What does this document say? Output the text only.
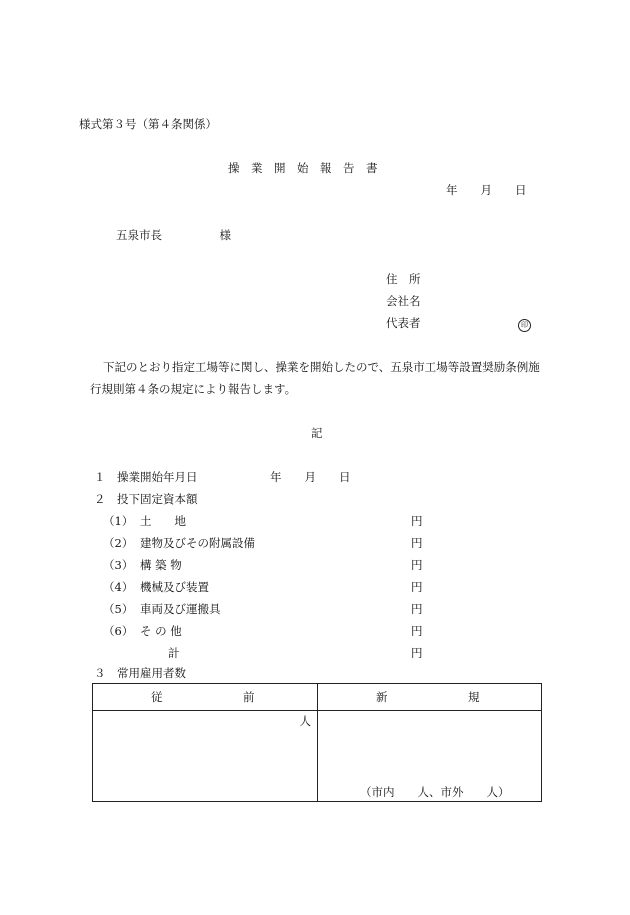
様式第３号（第４条関係）
操　業　開　始　報　告　書
年　　月　　日
五泉市長　　　　　様
住　所
会社名
代表者	印
下記のとおり指定工場等に関し、操業を開始したので、五泉市工場等設置奨励条例施
行規則第４条の規定により報告します。
記
１　操業開始年月日	年　　月　　日
２　投下固定資本額
（1） 土　　地	円
（2） 建物及びその附属設備	円
（3） 構 築 物	円
（4） 機械及び装置	円
（5） 車両及び運搬具	円
（6） そ の 他	円
計	円
３　常用雇用者数
従　　　　　　　前	新　　　　　　　規

人	（市内　　人、市外　　人）
